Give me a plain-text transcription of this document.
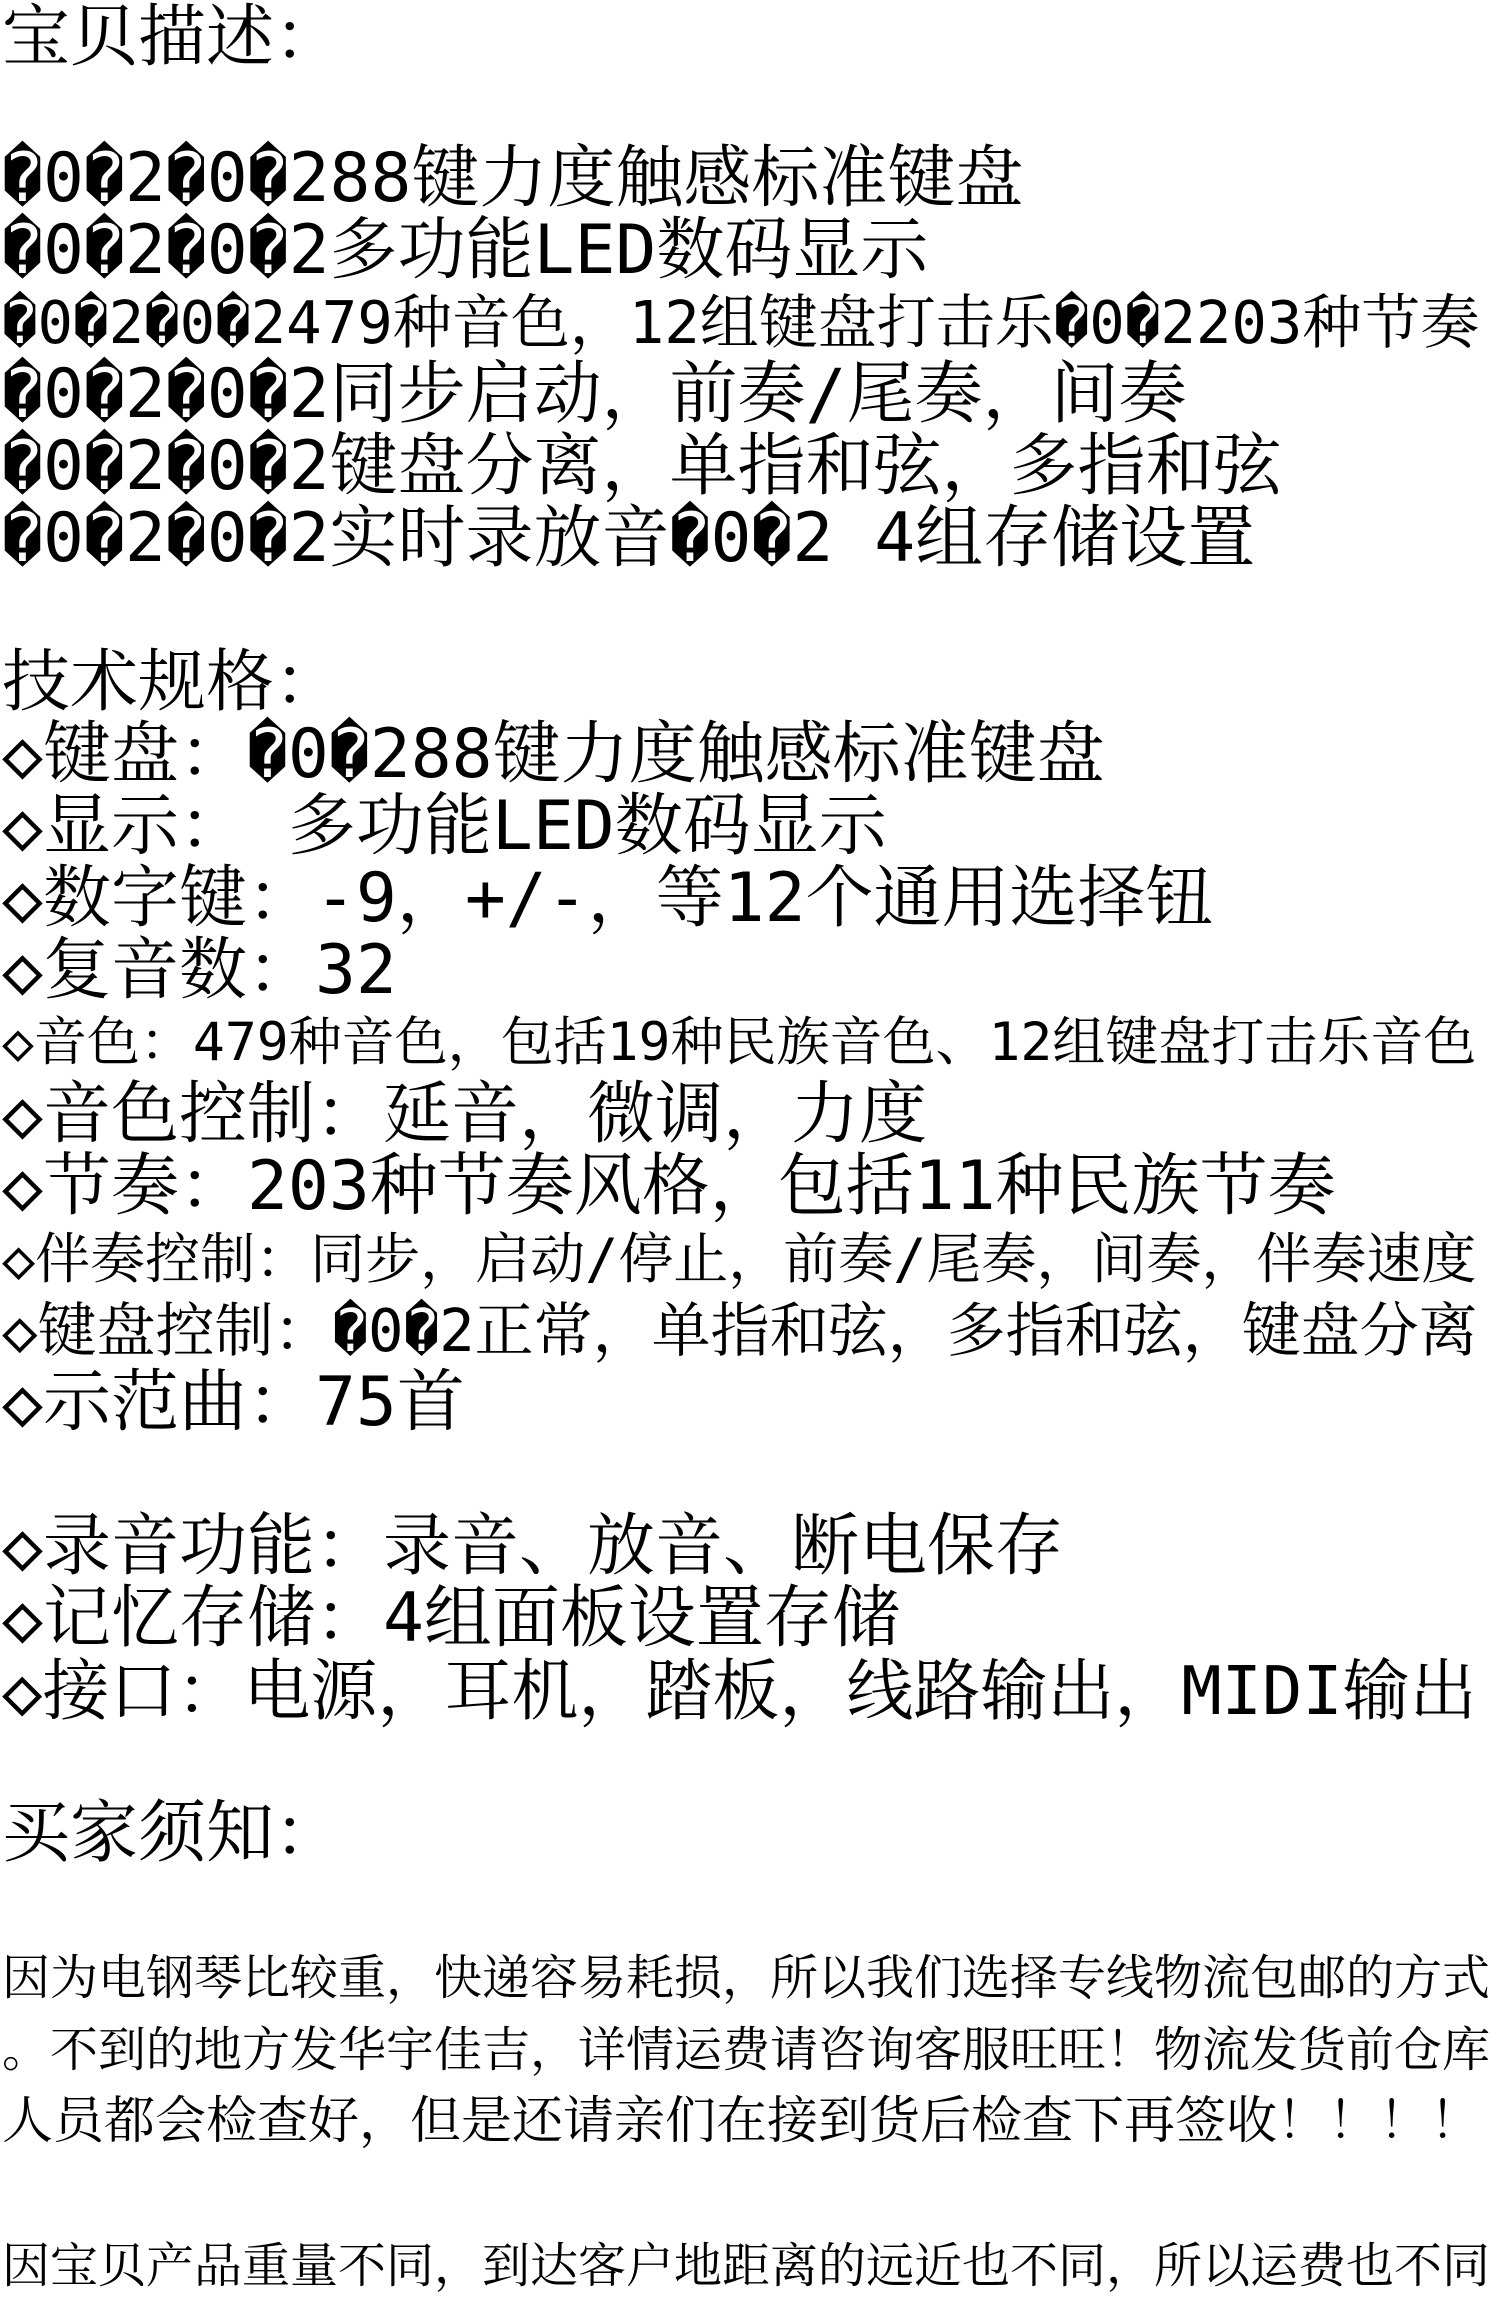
宝贝描述：
�0�2�0�288键力度触感标准键盘
�0�2�0�2多功能LED数码显示
�0�2�0�2479种音色，12组键盘打击乐�0�2203种节奏
�0�2�0�2同步启动，前奏/尾奏，间奏
�0�2�0�2键盘分离，单指和弦，多指和弦
�0�2�0�2实时录放音�0�2 4组存储设置
技术规格：
◇键盘：�0�288键力度触感标准键盘
◇显示： 多功能LED数码显示
◇数字键：-9，+/-，等12个通用选择钮
◇复音数：32
◇音色：479种音色，包括19种民族音色、12组键盘打击乐音色
◇音色控制：延音，微调，力度
◇节奏：203种节奏风格，包括11种民族节奏
◇伴奏控制：同步，启动/停止，前奏/尾奏，间奏，伴奏速度
◇键盘控制：�0�2正常，单指和弦，多指和弦，键盘分离
◇示范曲：75首
◇录音功能：录音、放音、断电保存
◇记忆存储：4组面板设置存储
◇接口：电源，耳机，踏板，线路输出，MIDI输出
买家须知：
因为电钢琴比较重，快递容易耗损，所以我们选择专线物流包邮的方式
。不到的地方发华宇佳吉，详情运费请咨询客服旺旺！物流发货前仓库
人员都会检查好，但是还请亲们在接到货后检查下再签收！！！！
因宝贝产品重量不同，到达客户地距离的远近也不同，所以运费也不同
